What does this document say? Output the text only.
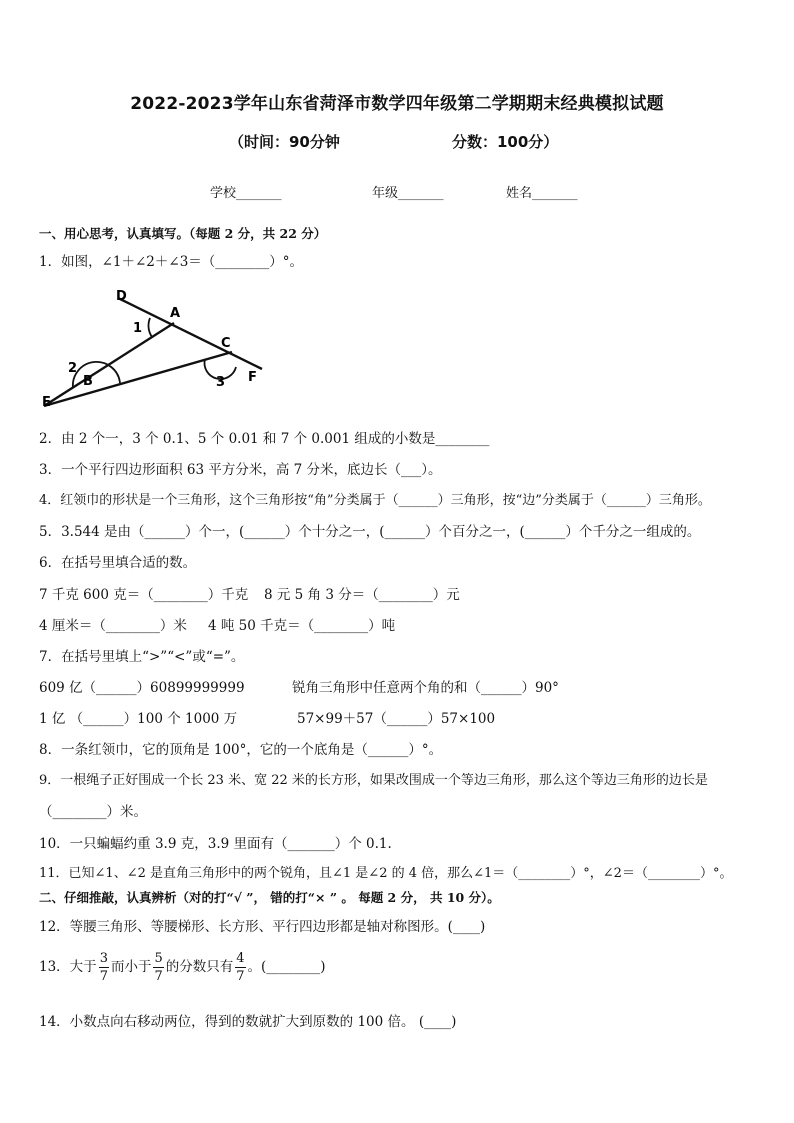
2022-2023学年山东省菏泽市数学四年级第二学期期末经典模拟试题
（时间：90分钟	分数：100分）
学校_______	年级_______	姓名_______
一、用心思考，认真填写。（每题 2 分，共 22 分）
1．如图，∠1＋∠2＋∠3＝（________）°。
D
A
C
B
E
F
1
2
3
2．由 2 个一，3 个 0.1、5 个 0.01 和 7 个 0.001 组成的小数是________
3．一个平行四边形面积 63 平方分米，高 7 分米，底边长（___）。
4．红领巾的形状是一个三角形，这个三角形按“角”分类属于（______）三角形，按“边”分类属于（______）三角形。
5．3.544 是由（______）个一，(______）个十分之一，(______）个百分之一，(______）个千分之一组成的。
6．在括号里填合适的数。
7 千克 600 克＝（________）千克 8 元 5 角 3 分＝（________）元
4 厘米＝（________）米 4 吨 50 千克＝（________）吨
7．在括号里填上“>”“<”或“=”。
609 亿（______）60899999999	锐角三角形中任意两个角的和（______）90°
1 亿 （______）100 个 1000 万	57×99＋57（______）57×100
8．一条红领巾，它的顶角是 100°，它的一个底角是（______）°。
9．一根绳子正好围成一个长 23 米、宽 22 米的长方形，如果改围成一个等边三角形，那么这个等边三角形的边长是
（________）米。
10．一只蝙蝠约重 3.9 克，3.9 里面有（_______）个 0.1.
11．已知∠1、∠2 是直角三角形中的两个锐角，且∠1 是∠2 的 4 倍，那么∠1＝（________）°，∠2＝（________）°。
二、仔细推敲，认真辨析（对的打“√ ”， 错的打“× ” 。 每题 2 分， 共 10 分）。
12．等腰三角形、等腰梯形、长方形、平行四边形都是轴对称图形。(____)
13．大于 $\frac{3}{7}$ 而小于 $\frac{5}{7}$ 的分数只有 $\frac{4}{7}$ 。(________)
14．小数点向右移动两位，得到的数就扩大到原数的 100 倍。 (____)
